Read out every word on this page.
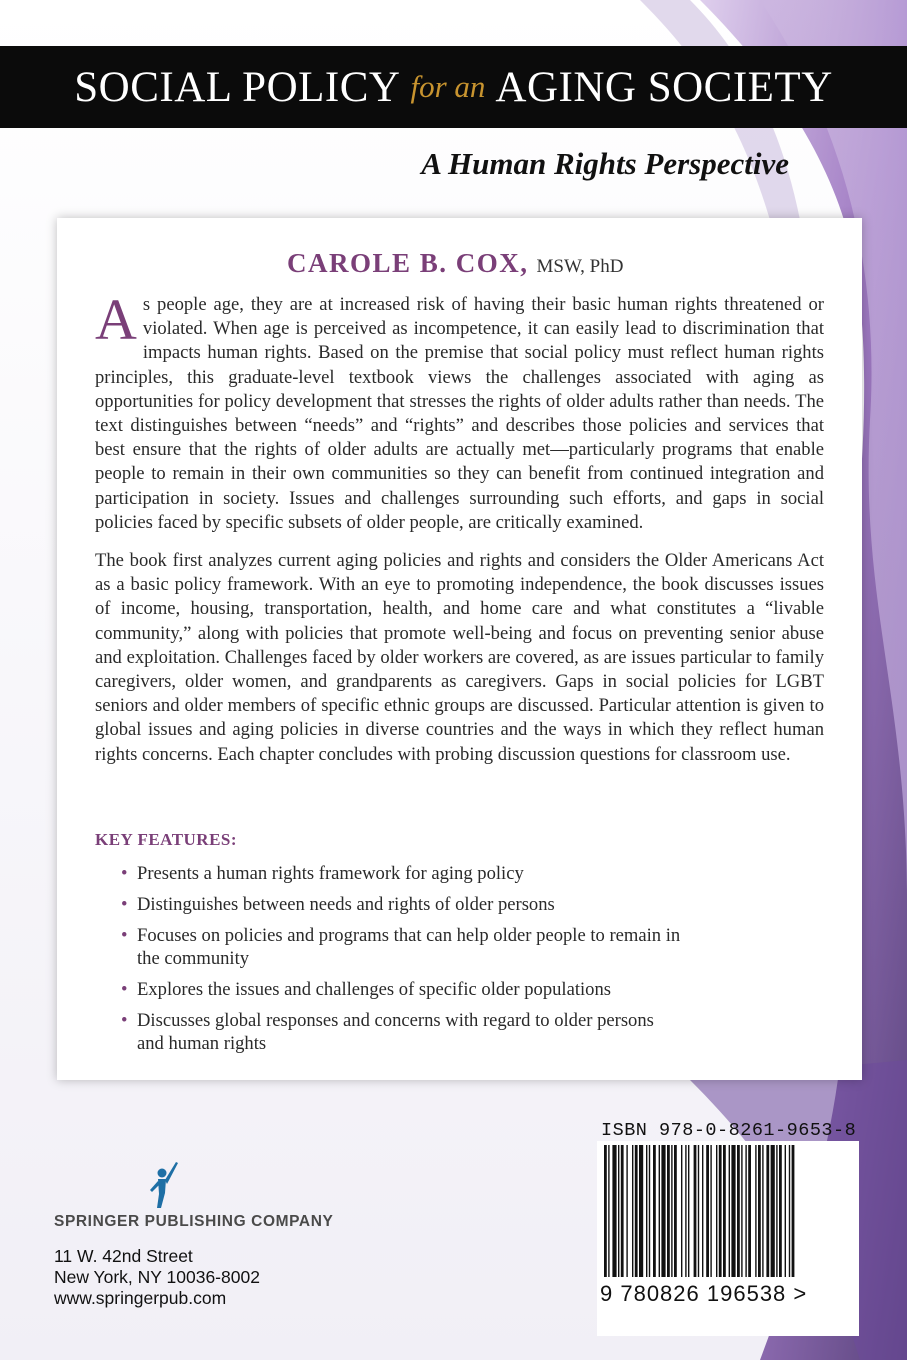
SOCIAL POLICY for an AGING SOCIETY
A Human Rights Perspective
CAROLE B. COX, MSW, PhD

As people age, they are at increased risk of having their basic human rights threatened or violated. When age is perceived as incompetence, it can easily lead to discrimination that impacts human rights. Based on the premise that social policy must reflect human rights principles, this graduate-level textbook views the challenges associated with aging as opportunities for policy development that stresses the rights of older adults rather than needs. The text distinguishes between “needs” and “rights” and describes those policies and services that best ensure that the rights of older adults are actually met—particularly programs that enable people to remain in their own communities so they can benefit from continued integration and participation in society. Issues and challenges surrounding such efforts, and gaps in social policies faced by specific subsets of older people, are critically examined.

The book first analyzes current aging policies and rights and considers the Older Americans Act as a basic policy framework. With an eye to promoting independence, the book discusses issues of income, housing, transportation, health, and home care and what constitutes a “livable community,” along with policies that promote well-being and focus on preventing senior abuse and exploitation. Challenges faced by older workers are covered, as are issues particular to family caregivers, older women, and grandparents as caregivers. Gaps in social policies for LGBT seniors and older members of specific ethnic groups are discussed. Particular attention is given to global issues and aging policies in diverse countries and the ways in which they reflect human rights concerns. Each chapter concludes with probing discussion questions for classroom use.

KEY FEATURES:
• Presents a human rights framework for aging policy
• Distinguishes between needs and rights of older persons
• Focuses on policies and programs that can help older people to remain in the community
• Explores the issues and challenges of specific older populations
• Discusses global responses and concerns with regard to older persons and human rights
ISBN 978-0-8261-9653-8
9 780826 196538 >
SPRINGER PUBLISHING COMPANY
11 W. 42nd Street
New York, NY 10036-8002
www.springerpub.com
